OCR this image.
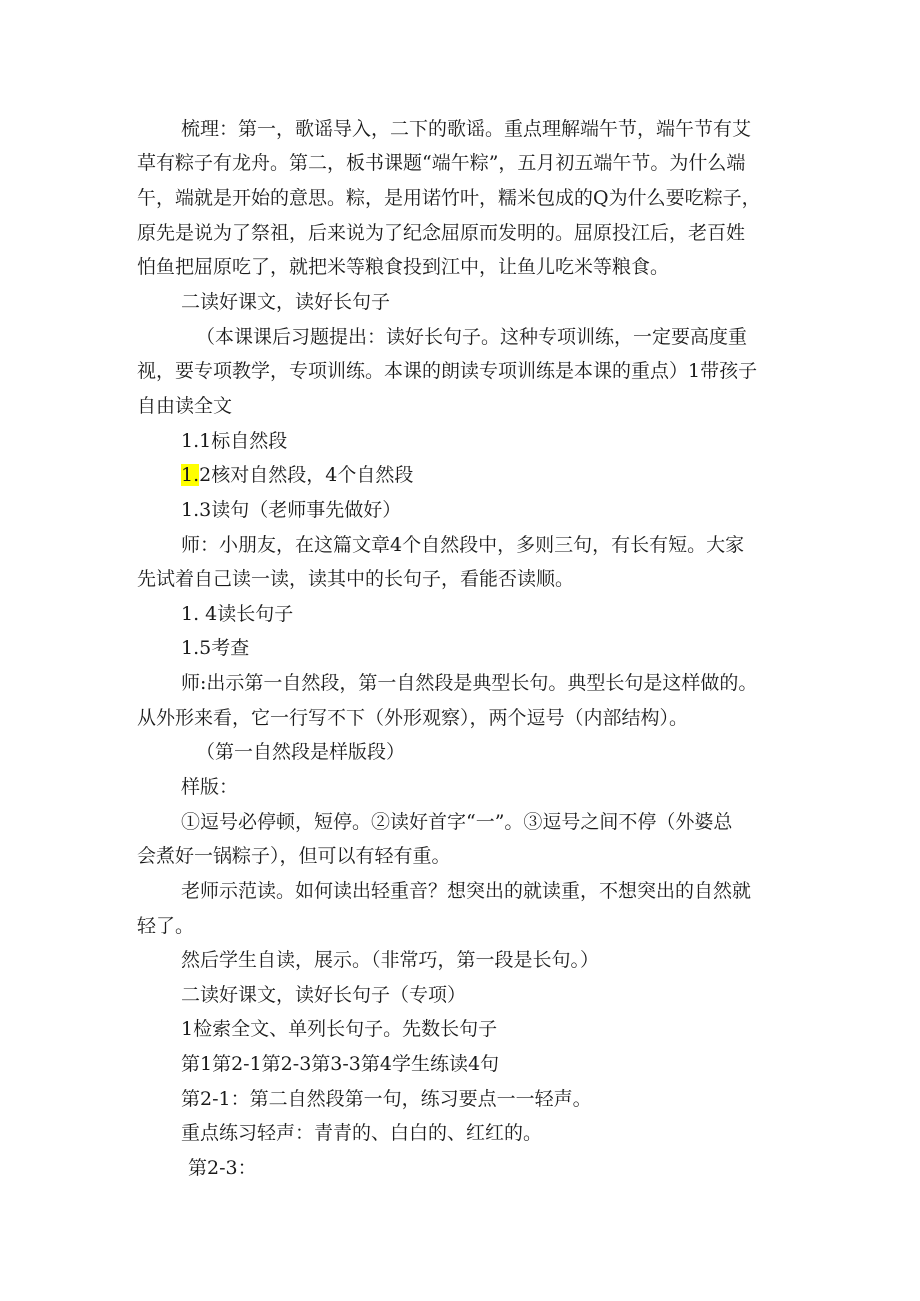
梳理：第一，歌谣导入，二下的歌谣。重点理解端午节，端午节有艾
草有粽子有龙舟。第二，板书课题“端午粽”，五月初五端午节。为什么端
午，端就是开始的意思。粽，是用诺竹叶，糯米包成的Q为什么要吃粽子，
原先是说为了祭祖，后来说为了纪念屈原而发明的。屈原投江后，老百姓
怕鱼把屈原吃了，就把米等粮食投到江中，让鱼儿吃米等粮食。
二读好课文，读好长句子
（本课课后习题提出：读好长句子。这种专项训练，一定要高度重
视，要专项教学，专项训练。本课的朗读专项训练是本课的重点）1带孩子
自由读全文
1.1标自然段
1.2核对自然段，4个自然段
1.3读句（老师事先做好）
师：小朋友，在这篇文章4个自然段中，多则三句，有长有短。大家
先试着自己读一读，读其中的长句子，看能否读顺。
1. 4读长句子
1.5考查
师:出示第一自然段，第一自然段是典型长句。典型长句是这样做的。
从外形来看，它一行写不下（外形观察），两个逗号（内部结构）。
（第一自然段是样版段）
样版：
①逗号必停顿，短停。②读好首字“一”。③逗号之间不停（外婆总
会煮好一锅粽子），但可以有轻有重。
老师示范读。如何读出轻重音？想突出的就读重，不想突出的自然就
轻了。
然后学生自读，展示。（非常巧，第一段是长句。）
二读好课文，读好长句子（专项）
1检索全文、单列长句子。先数长句子
第1第2-1第2-3第3-3第4学生练读4句
第2-1：第二自然段第一句，练习要点一一轻声。
重点练习轻声：青青的、白白的、红红的。
第2-3：
